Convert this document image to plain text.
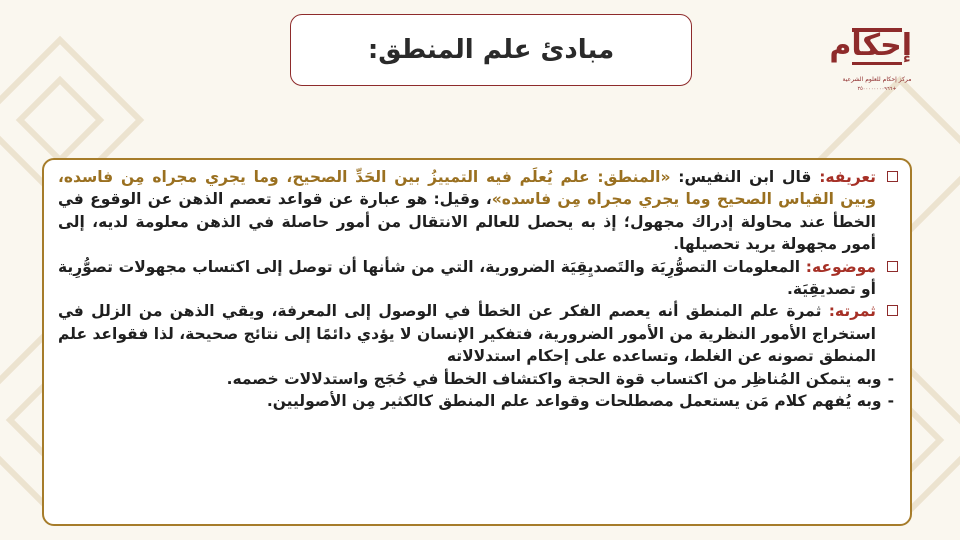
مبادئ علم المنطق:	إحكام
مركز إحكام للعلوم الشرعية
٢٥٠٠٠٠٠٠٠٠٩٦٦+

تعريفه: قال ابن النفيس: «المنطق: علم يُعلَم فيه التمييزُ بين الحَدِّ الصحيح، وما يجري مجراه مِن فاسده، وبين القياس الصحيح وما يجري مجراه مِن فاسده»، وقيل: هو عبارة عن قواعد تعصم الذهن عن الوقوع في الخطأ عند محاولة إدراك مجهول؛ إذ به يحصل للعالم الانتقال من أمور حاصلة في الذهن معلومة لديه، إلى أمور مجهولة يريد تحصيلها.

موضوعه: المعلومات التصوُّرِيَة والتَصديِقِيَة الضرورية، التي من شأنها أن توصل إلى اكتساب مجهولات تصوُّرِية أو تصديقِيَة.

ثمرته: ثمرة علم المنطق أنه يعصم الفكر عن الخطأ في الوصول إلى المعرفة، ويقي الذهن من الزلل في استخراج الأمور النظرية من الأمور الضرورية، فتفكير الإنسان لا يؤدي دائمًا إلى نتائج صحيحة، لذا فقواعد علم المنطق تصونه عن الغلط، وتساعده على إحكام استدلالاته

-وبه يتمكن المُناظِر من اكتساب قوة الحجة واكتشاف الخطأ في حُجَج واستدلالات خصمه.

-وبه يُفهم كلام مَن يستعمل مصطلحات وقواعد علم المنطق كالكثير مِن الأصوليين.
